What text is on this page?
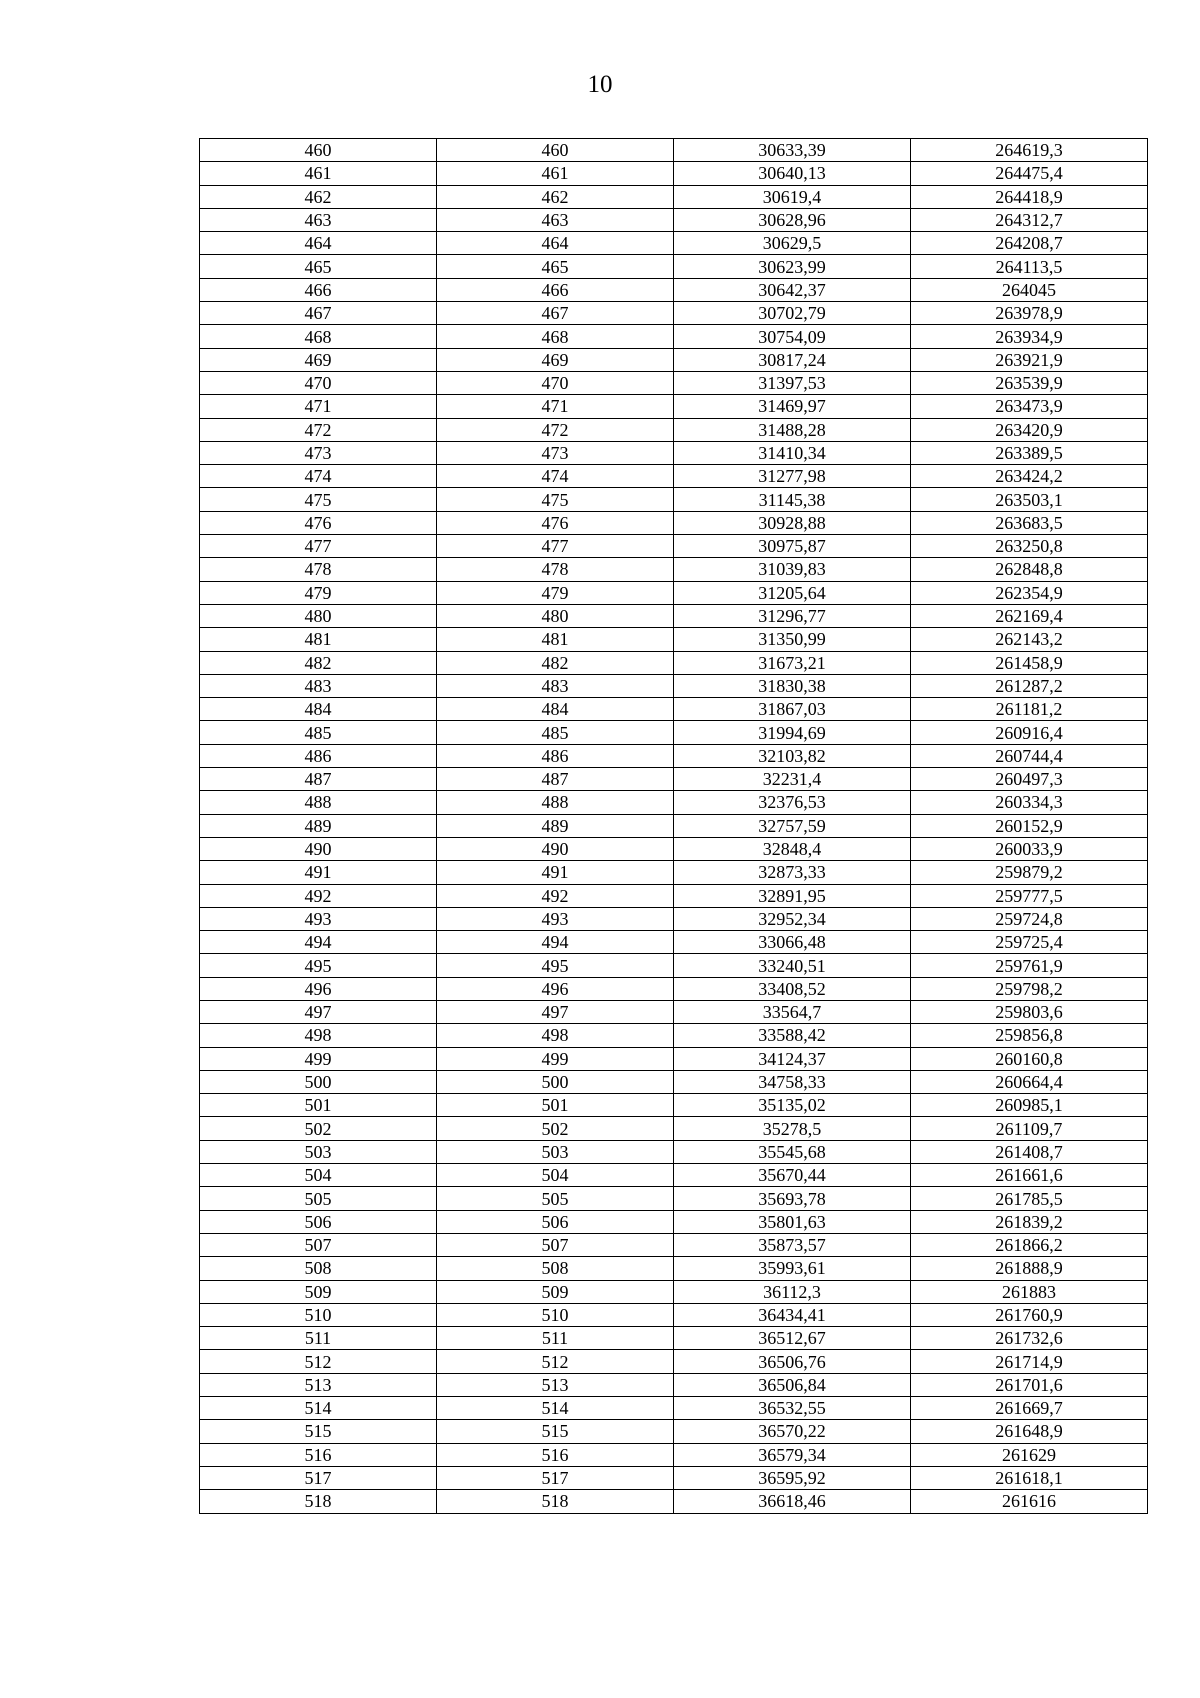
10
460	460	30633,39	264619,3
461	461	30640,13	264475,4
462	462	30619,4	264418,9
463	463	30628,96	264312,7
464	464	30629,5	264208,7
465	465	30623,99	264113,5
466	466	30642,37	264045
467	467	30702,79	263978,9
468	468	30754,09	263934,9
469	469	30817,24	263921,9
470	470	31397,53	263539,9
471	471	31469,97	263473,9
472	472	31488,28	263420,9
473	473	31410,34	263389,5
474	474	31277,98	263424,2
475	475	31145,38	263503,1
476	476	30928,88	263683,5
477	477	30975,87	263250,8
478	478	31039,83	262848,8
479	479	31205,64	262354,9
480	480	31296,77	262169,4
481	481	31350,99	262143,2
482	482	31673,21	261458,9
483	483	31830,38	261287,2
484	484	31867,03	261181,2
485	485	31994,69	260916,4
486	486	32103,82	260744,4
487	487	32231,4	260497,3
488	488	32376,53	260334,3
489	489	32757,59	260152,9
490	490	32848,4	260033,9
491	491	32873,33	259879,2
492	492	32891,95	259777,5
493	493	32952,34	259724,8
494	494	33066,48	259725,4
495	495	33240,51	259761,9
496	496	33408,52	259798,2
497	497	33564,7	259803,6
498	498	33588,42	259856,8
499	499	34124,37	260160,8
500	500	34758,33	260664,4
501	501	35135,02	260985,1
502	502	35278,5	261109,7
503	503	35545,68	261408,7
504	504	35670,44	261661,6
505	505	35693,78	261785,5
506	506	35801,63	261839,2
507	507	35873,57	261866,2
508	508	35993,61	261888,9
509	509	36112,3	261883
510	510	36434,41	261760,9
511	511	36512,67	261732,6
512	512	36506,76	261714,9
513	513	36506,84	261701,6
514	514	36532,55	261669,7
515	515	36570,22	261648,9
516	516	36579,34	261629
517	517	36595,92	261618,1
518	518	36618,46	261616
